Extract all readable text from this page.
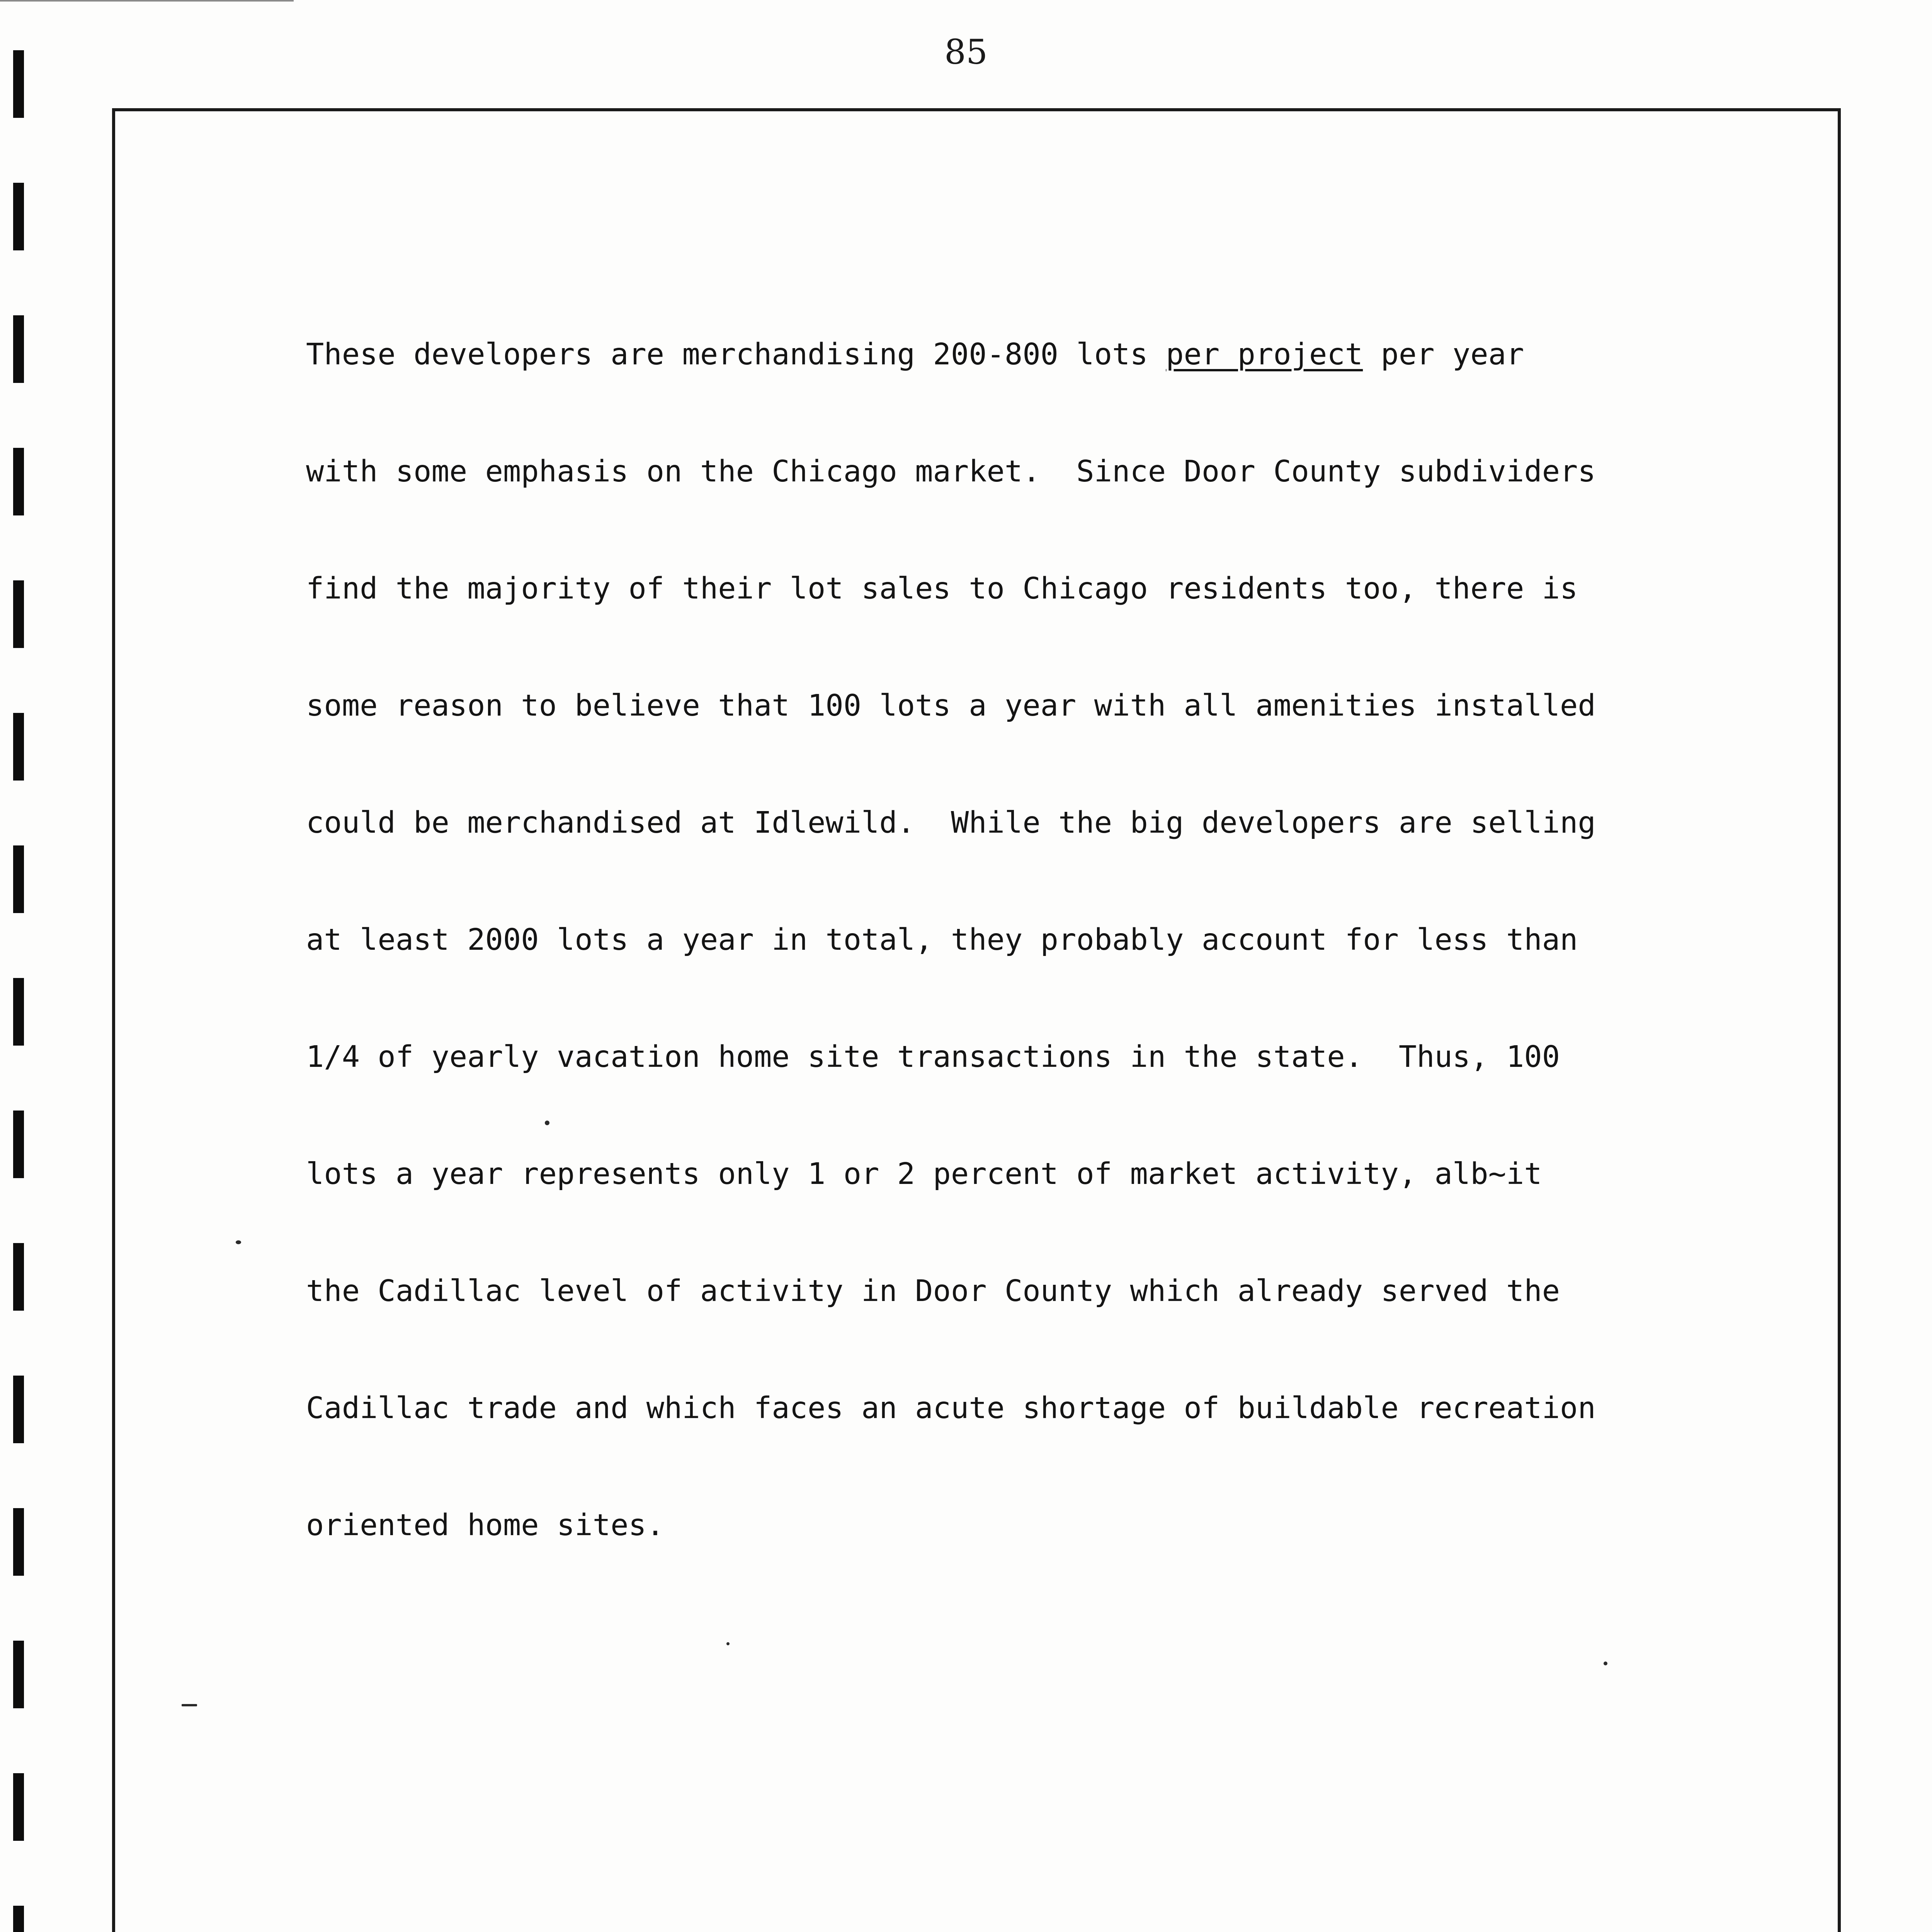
85

These developers are merchandising 200-800 lots per project per year

with some emphasis on the Chicago market.  Since Door County subdividers

find the majority of their lot sales to Chicago residents too, there is

some reason to believe that 100 lots a year with all amenities installed

could be merchandised at Idlewild.  While the big developers are selling

at least 2000 lots a year in total, they probably account for less than

1/4 of yearly vacation home site transactions in the state.  Thus, 100

lots a year represents only 1 or 2 percent of market activity, alb~it

the Cadillac level of activity in Door County which already served the

Cadillac trade and which faces an acute shortage of buildable recreation

oriented home sites.
